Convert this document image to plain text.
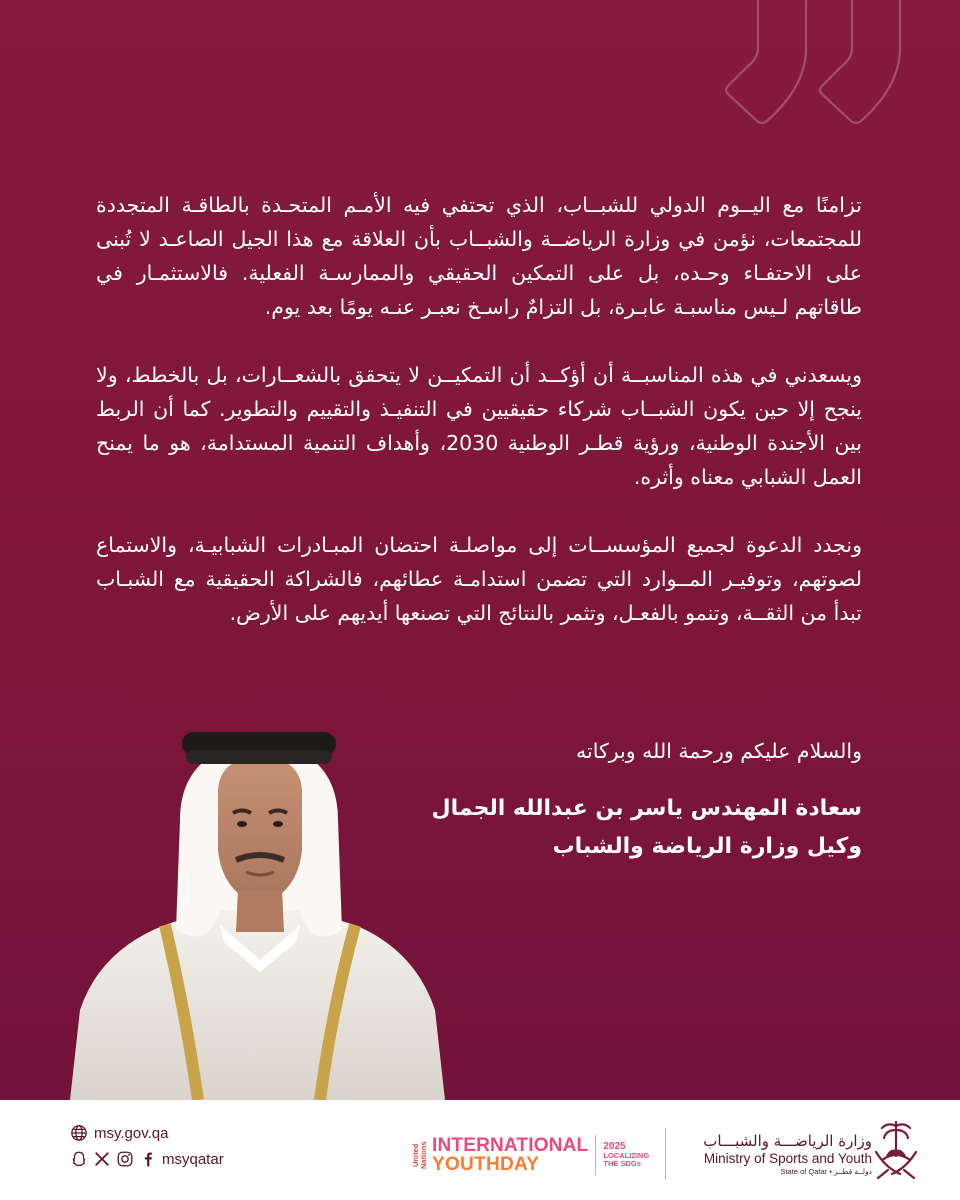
تزامنًا مع اليــوم الدولي للشبــاب، الذي تحتفي فيه الأمـم المتحـدة بالطاقـة المتجددة للمجتمعات، نؤمن في وزارة الرياضــة والشبــاب بأن العلاقة مع هذا الجيل الصاعـد لا تُبنى على الاحتفـاء وحـده، بل على التمكين الحقيقي والممارسـة الفعلية. فالاستثمـار في طاقاتهم لـيس مناسبـة عابـرة، بل التزامٌ راسـخ نعبـر عنـه يومًا بعد يوم.

ويسعدني في هذه المناسبــة أن أؤكــد أن التمكيــن لا يتحقق بالشعــارات، بل بالخطط، ولا ينجح إلا حين يكون الشبــاب شركاء حقيقيين في التنفيـذ والتقييم والتطوير. كما أن الربط بين الأجندة الوطنية، ورؤية قطـر الوطنية 2030، وأهداف التنمية المستدامة، هو ما يمنح العمل الشبابي معناه وأثره.

ونجدد الدعوة لجميع المؤسســات إلى مواصلـة احتضان المبـادرات الشبابيـة، والاستماع لصوتهم، وتوفيـر المــوارد التي تضمن استدامـة عطائهم، فالشراكة الحقيقية مع الشبـاب تبدأ من الثقــة، وتنمو بالفعـل، وتثمر بالنتائج التي تصنعها أيديهم على الأرض.

والسلام عليكم ورحمة الله وبركاته
سعادة المهندس ياسر بن عبدالله الجمال
وكيل وزارة الرياضة والشباب
msy.gov.qa
msyqatar	United Nations INTERNATIONAL
YOUTHDAY
2025
LOCALIZING
THE SDGs
وزارة الرياضـــة والشبـــاب
Ministry of Sports and Youth
State of Qatar • دولــة قطــر
